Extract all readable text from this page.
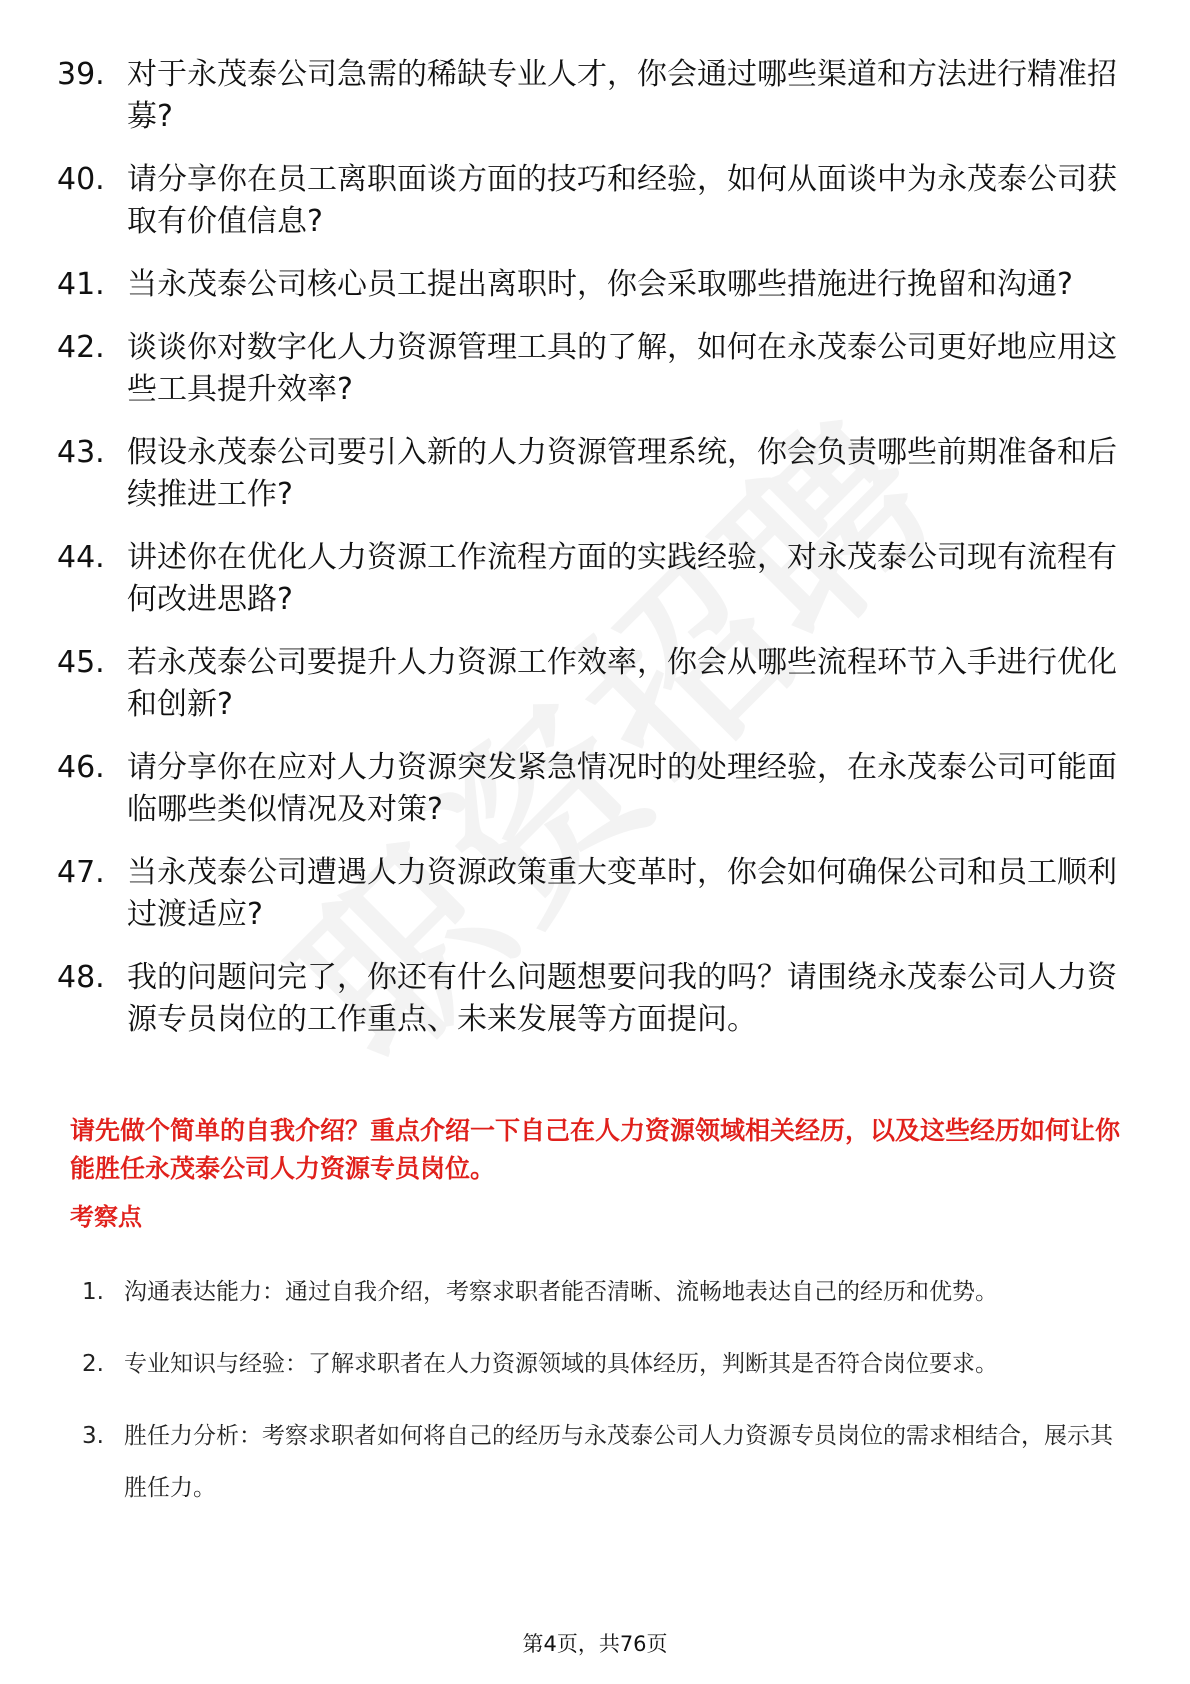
39. 对于永茂泰公司急需的稀缺专业人才，你会通过哪些渠道和方法进行精准招募?
40. 请分享你在员工离职面谈方面的技巧和经验，如何从面谈中为永茂泰公司获取有价值信息?
41. 当永茂泰公司核心员工提出离职时，你会采取哪些措施进行挽留和沟通?
42. 谈谈你对数字化人力资源管理工具的了解，如何在永茂泰公司更好地应用这些工具提升效率?
43. 假设永茂泰公司要引入新的人力资源管理系统，你会负责哪些前期准备和后续推进工作?
44. 讲述你在优化人力资源工作流程方面的实践经验，对永茂泰公司现有流程有何改进思路?
45. 若永茂泰公司要提升人力资源工作效率，你会从哪些流程环节入手进行优化和创新?
46. 请分享你在应对人力资源突发紧急情况时的处理经验，在永茂泰公司可能面临哪些类似情况及对策?
47. 当永茂泰公司遭遇人力资源政策重大变革时，你会如何确保公司和员工顺利过渡适应?
48. 我的问题问完了，你还有什么问题想要问我的吗？请围绕永茂泰公司人力资源专员岗位的工作重点、未来发展等方面提问。
请先做个简单的自我介绍？重点介绍一下自己在人力资源领域相关经历，以及这些经历如何让你能胜任永茂泰公司人力资源专员岗位。
考察点
1. 沟通表达能力：通过自我介绍，考察求职者能否清晰、流畅地表达自己的经历和优势。
2. 专业知识与经验：了解求职者在人力资源领域的具体经历，判断其是否符合岗位要求。
3. 胜任力分析：考察求职者如何将自己的经历与永茂泰公司人力资源专员岗位的需求相结合，展示其胜任力。
第4页，共76页
